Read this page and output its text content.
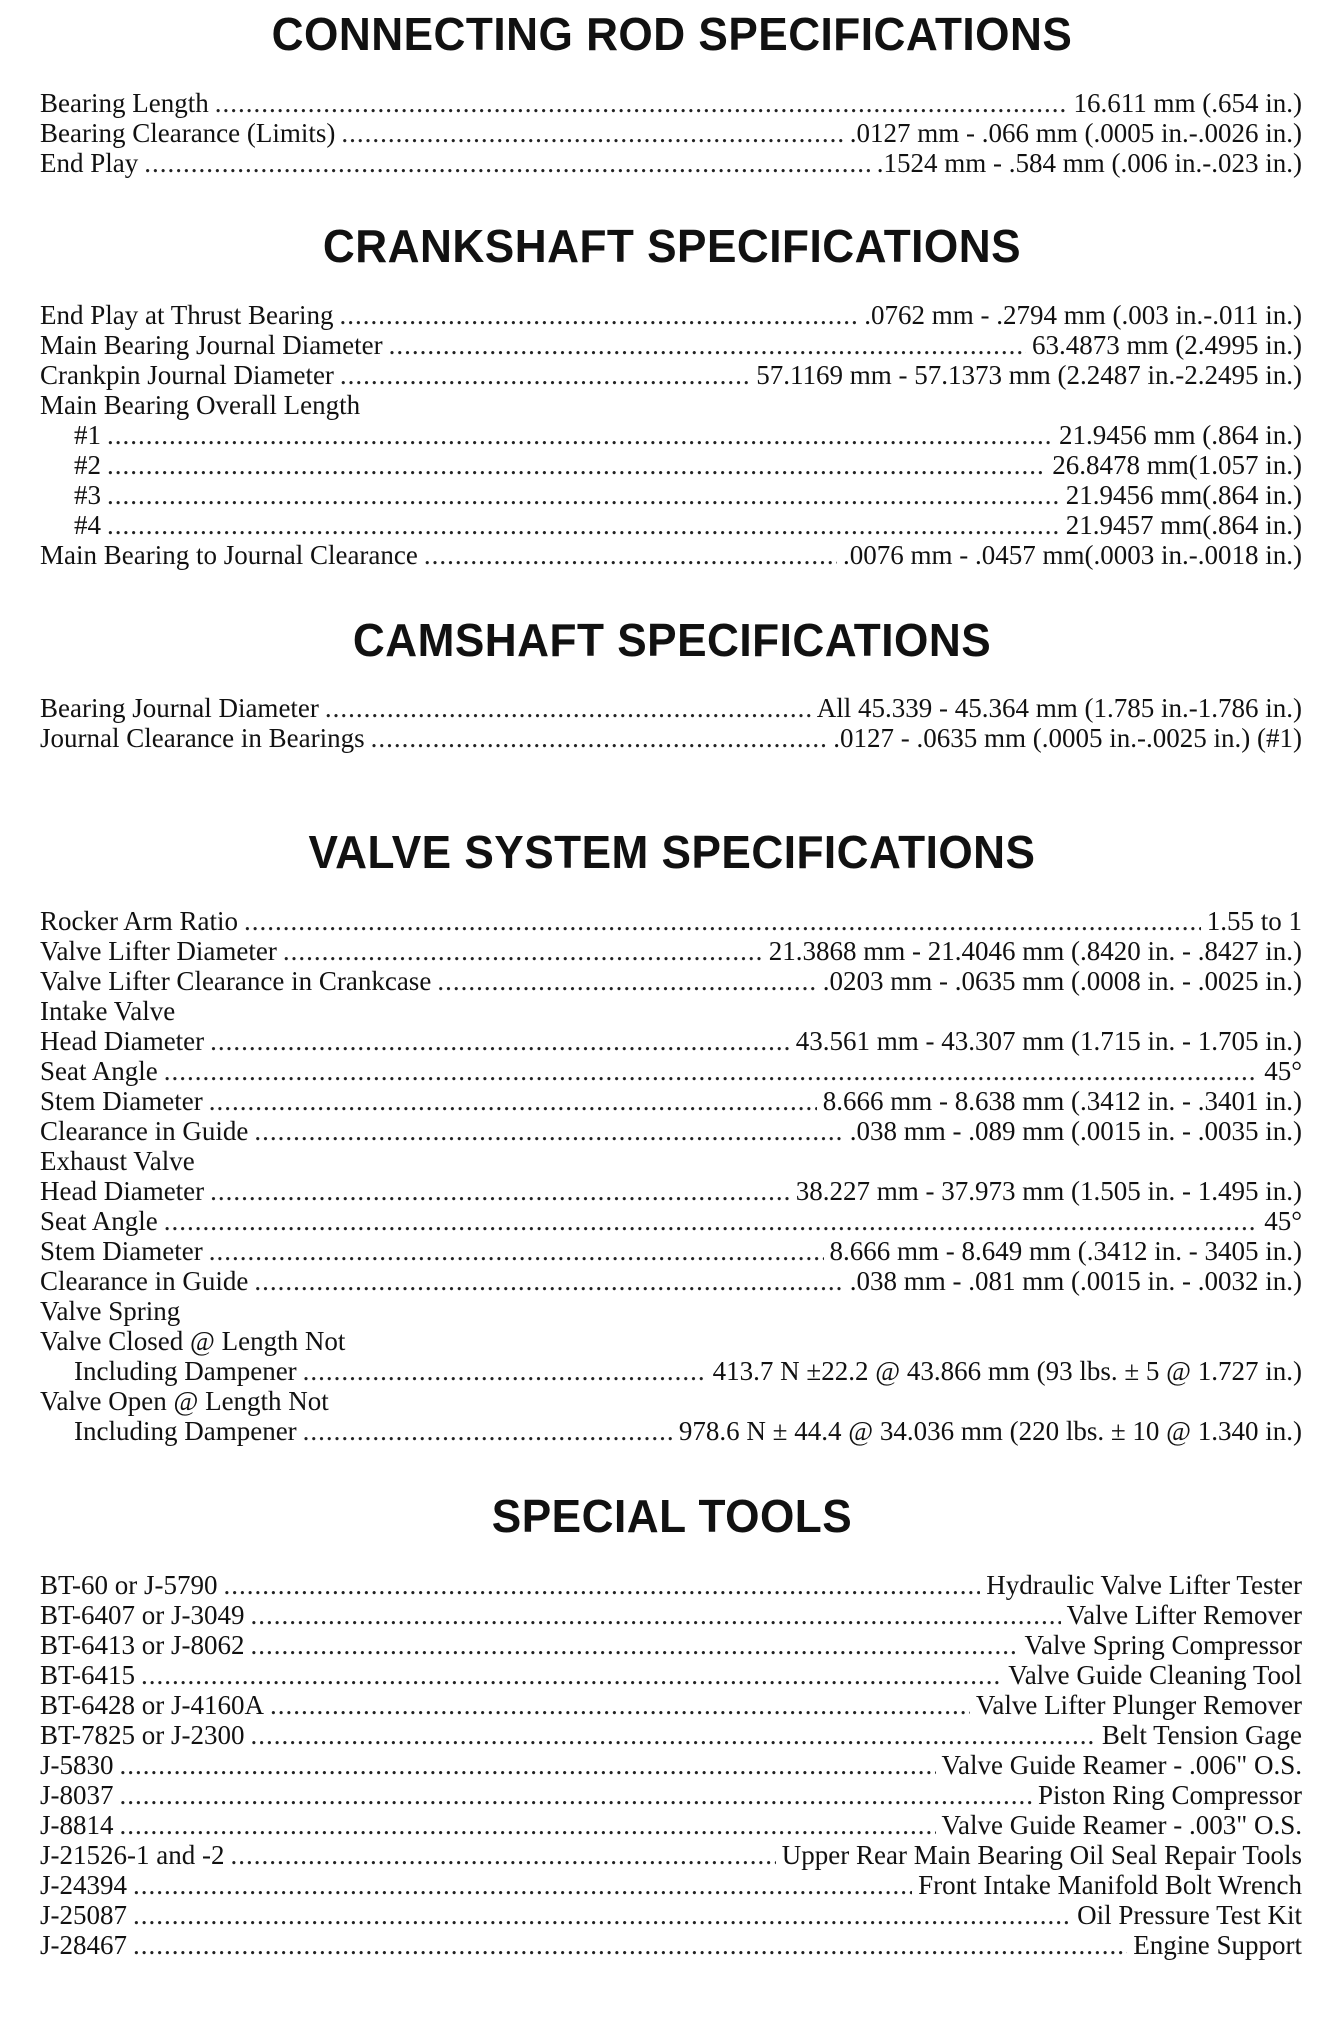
CONNECTING ROD SPECIFICATIONS
Bearing Length .....	16.611 mm (.654 in.)
Bearing Clearance (Limits) .....	.0127 mm - .066 mm (.0005 in.-.0026 in.)
End Play .....	.1524 mm - .584 mm (.006 in.-.023 in.)
CRANKSHAFT SPECIFICATIONS
End Play at Thrust Bearing .....	.0762 mm - .2794 mm (.003 in.-.011 in.)
Main Bearing Journal Diameter .....	63.4873 mm (2.4995 in.)
Crankpin Journal Diameter .....	57.1169 mm - 57.1373 mm (2.2487 in.-2.2495 in.)
Main Bearing Overall Length
#1 .....	21.9456 mm (.864 in.)
#2 .....	26.8478 mm(1.057 in.)
#3 .....	21.9456 mm(.864 in.)
#4 .....	21.9457 mm(.864 in.)
Main Bearing to Journal Clearance .....	.0076 mm - .0457 mm(.0003 in.-.0018 in.)
CAMSHAFT SPECIFICATIONS
Bearing Journal Diameter .....	All 45.339 - 45.364 mm (1.785 in.-1.786 in.)
Journal Clearance in Bearings .....	.0127 - .0635 mm (.0005 in.-.0025 in.) (#1)
VALVE SYSTEM SPECIFICATIONS
Rocker Arm Ratio .....	1.55 to 1
Valve Lifter Diameter .....	21.3868 mm - 21.4046 mm (.8420 in. - .8427 in.)
Valve Lifter Clearance in Crankcase .....	.0203 mm - .0635 mm (.0008 in. - .0025 in.)
Intake Valve
Head Diameter .....	43.561 mm - 43.307 mm (1.715 in. - 1.705 in.)
Seat Angle .....	45°
Stem Diameter .....	8.666 mm - 8.638 mm (.3412 in. - .3401 in.)
Clearance in Guide .....	.038 mm - .089 mm (.0015 in. - .0035 in.)
Exhaust Valve
Head Diameter .....	38.227 mm - 37.973 mm (1.505 in. - 1.495 in.)
Seat Angle .....	45°
Stem Diameter .....	8.666 mm - 8.649 mm (.3412 in. - 3405 in.)
Clearance in Guide .....	.038 mm - .081 mm (.0015 in. - .0032 in.)
Valve Spring
Valve Closed @ Length Not
Including Dampener .....	413.7 N ±22.2 @ 43.866 mm (93 lbs. ± 5 @ 1.727 in.)
Valve Open @ Length Not
Including Dampener .....	978.6 N ± 44.4 @ 34.036 mm (220 lbs. ± 10 @ 1.340 in.)
SPECIAL TOOLS
BT-60 or J-5790 .....	Hydraulic Valve Lifter Tester
BT-6407 or J-3049 .....	Valve Lifter Remover
BT-6413 or J-8062 .....	Valve Spring Compressor
BT-6415 .....	Valve Guide Cleaning Tool
BT-6428 or J-4160A .....	Valve Lifter Plunger Remover
BT-7825 or J-2300 .....	Belt Tension Gage
J-5830 .....	Valve Guide Reamer - .006" O.S.
J-8037 .....	Piston Ring Compressor
J-8814 .....	Valve Guide Reamer - .003" O.S.
J-21526-1 and -2 .....	Upper Rear Main Bearing Oil Seal Repair Tools
J-24394 .....	Front Intake Manifold Bolt Wrench
J-25087 .....	Oil Pressure Test Kit
J-28467 .....	Engine Support
